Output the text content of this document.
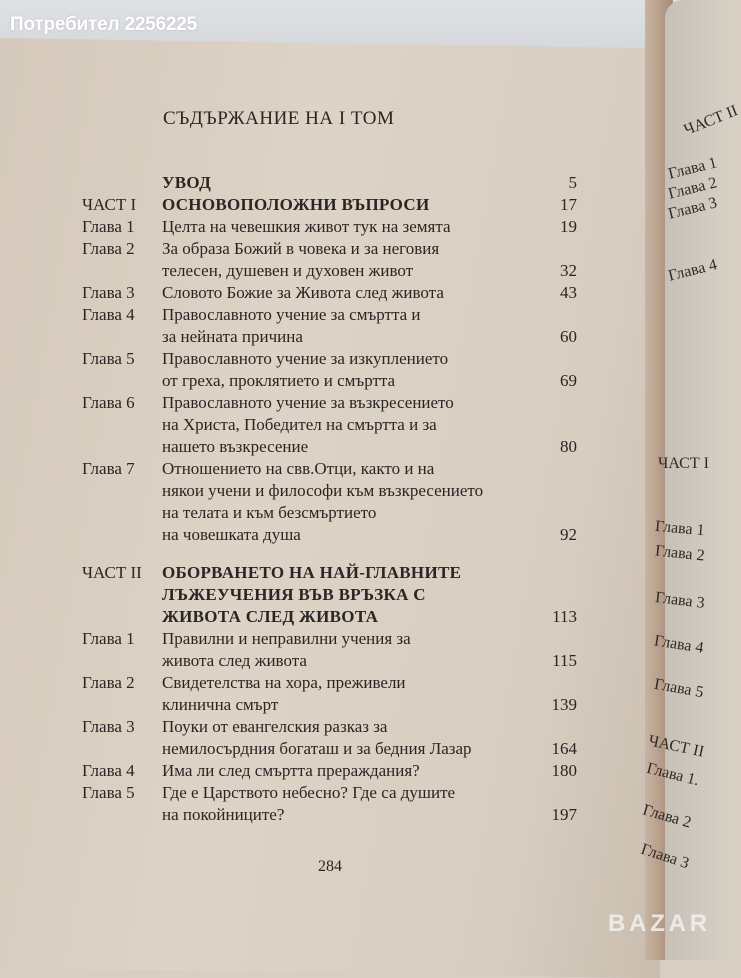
Потребител 2256225
СЪДЪРЖАНИЕ НА I ТОМ
УВОД	5
ЧАСТ I	ОСНОВОПОЛОЖНИ ВЪПРОСИ	17
Глава 1	Целта на чевешкия живот тук на земята	19
Глава 2	За образа Божий в човека и за неговия
телесен, душевен и духовен живот	32
Глава 3	Словото Божие за Живота след живота	43
Глава 4	Православното учение за смъртта и
за нейната причина	60
Глава 5	Православното учение за изкуплението
от греха, проклятието и смъртта	69
Глава 6	Православното учение за възкресението
на Христа, Победител на смъртта и за
нашето възкресение	80
Глава 7	Отношението на свв.Отци, както и на
някои учени и философи към възкресението
на телата и към безсмъртието
на човешката душа	92
ЧАСТ II	ОБОРВАНЕТО НА НАЙ-ГЛАВНИТЕ
ЛЪЖЕУЧЕНИЯ ВЪВ ВРЪЗКА С
ЖИВОТА СЛЕД ЖИВОТА	113
Глава 1	Правилни и неправилни учения за
живота след живота	115
Глава 2	Свидетелства на хора, преживели
клинична смърт	139
Глава 3	Поуки от евангелския разказ за
немилосърдния богаташ и за бедния Лазар	164
Глава 4	Има ли след смъртта прераждания?	180
Глава 5	Где е Царството небесно? Где са душите
на покойниците?	197
284
ЧАСТ II
Глава 1
Глава 2
Глава 3
Глава 4
ЧАСТ I
Глава 1
Глава 2
Глава 3
Глава 4
Глава 5
ЧАСТ II
Глава 1.
Глава 2
Глава 3
B A Z A R
